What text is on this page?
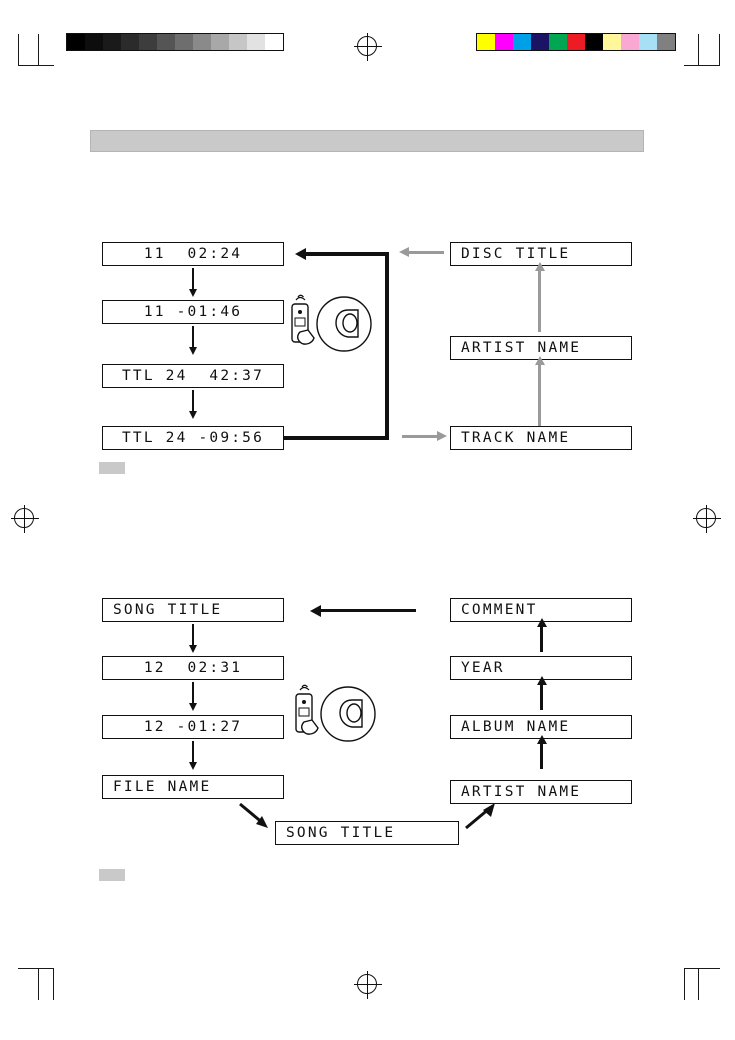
11  02:24
11 -01:46
TTL 24  42:37
TTL 24 -09:56
DISC TITLE
ARTIST NAME
TRACK NAME
SONG TITLE
12  02:31
12 -01:27
FILE NAME
COMMENT
YEAR
ALBUM NAME
ARTIST NAME
SONG TITLE
